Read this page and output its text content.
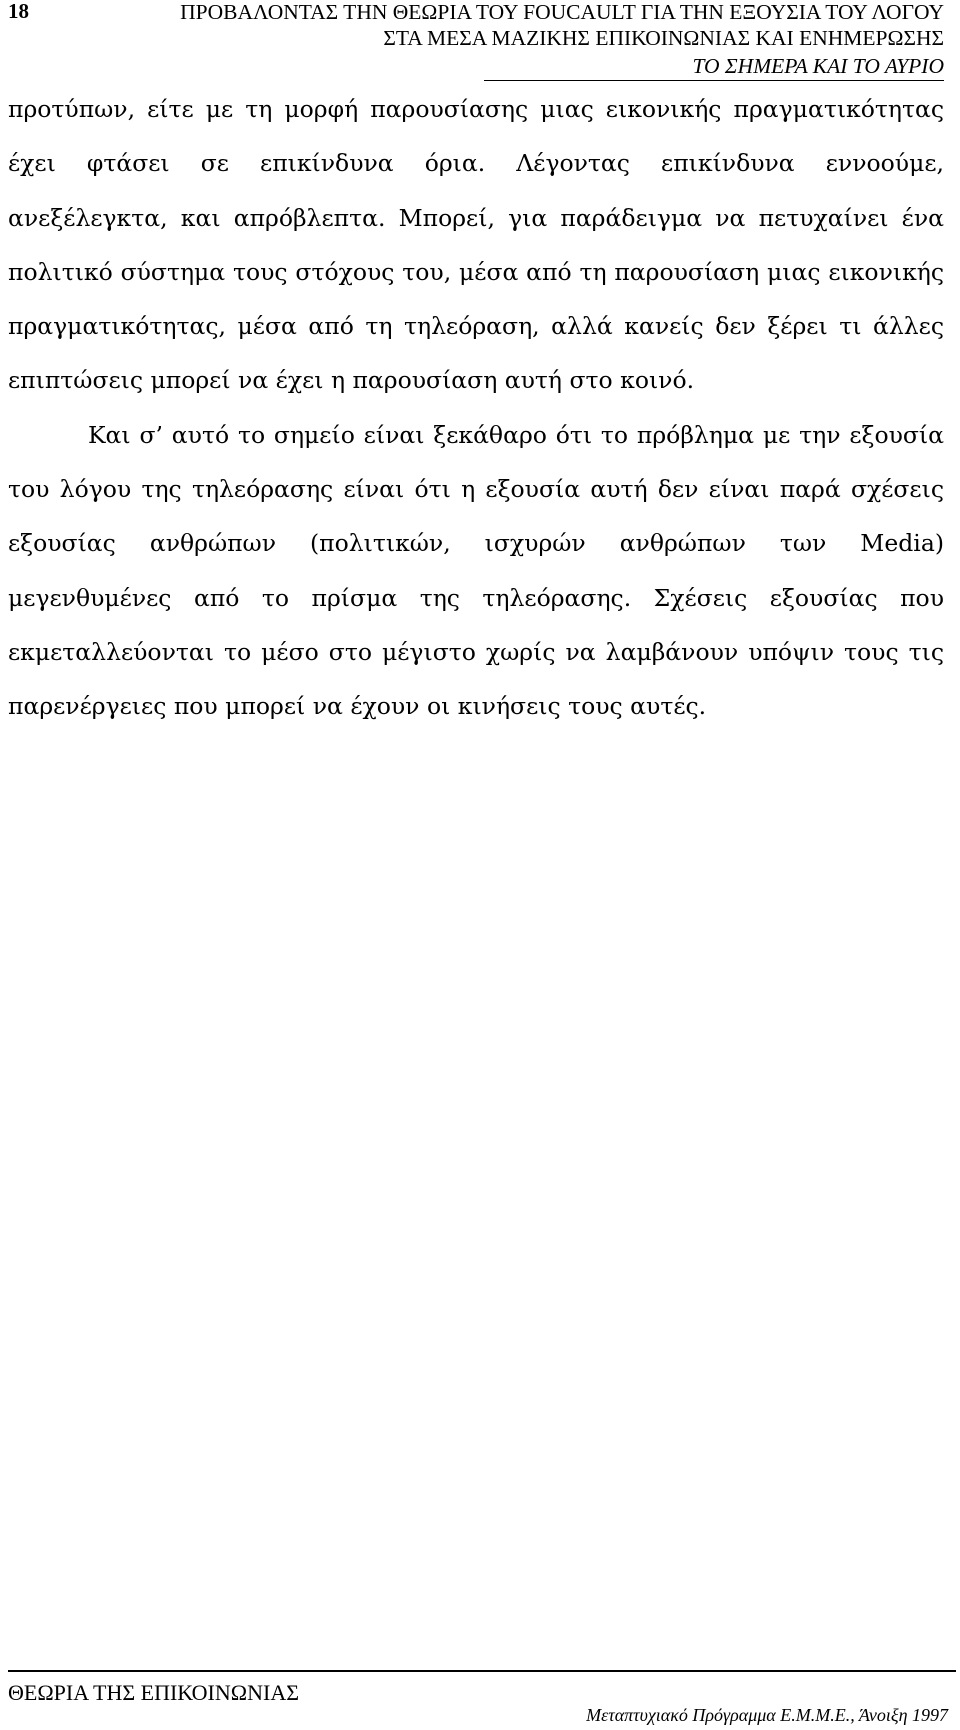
18	ΠΡΟΒΑΛΟΝΤΑΣ ΤΗΝ ΘΕΩΡΙΑ ΤΟΥ FOUCAULT ΓΙΑ ΤΗΝ ΕΞΟΥΣΙΑ ΤΟΥ ΛΟΓΟΥ
ΣΤΑ ΜΕΣΑ ΜΑΖΙΚΗΣ ΕΠΙΚΟΙΝΩΝΙΑΣ ΚΑΙ ΕΝΗΜΕΡΩΣΗΣ
ΤΟ ΣΗΜΕΡΑ ΚΑΙ ΤΟ ΑΥΡΙΟ

προτύπων, είτε με τη μορφή παρουσίασης μιας εικονικής πραγματικότητας έχει φτάσει σε επικίνδυνα όρια. Λέγοντας επικίνδυνα εννοούμε, ανεξέλεγκτα, και απρόβλεπτα. Μπορεί, για παράδειγμα να πετυχαίνει ένα πολιτικό σύστημα τους στόχους του, μέσα από τη παρουσίαση μιας εικονικής πραγματικότητας, μέσα από τη τηλεόραση, αλλά κανείς δεν ξέρει τι άλλες επιπτώσεις μπορεί να έχει η παρουσίαση αυτή στο κοινό.

Και σ’ αυτό το σημείο είναι ξεκάθαρο ότι το πρόβλημα με την εξουσία του λόγου της τηλεόρασης είναι ότι η εξουσία αυτή δεν είναι παρά σχέσεις εξουσίας ανθρώπων (πολιτικών, ισχυρών ανθρώπων των Media) μεγενθυμένες από το πρίσμα της τηλεόρασης. Σχέσεις εξουσίας που εκμεταλλεύονται το μέσο στο μέγιστο χωρίς να λαμβάνουν υπόψιν τους τις παρενέργειες που μπορεί να έχουν οι κινήσεις τους αυτές.

ΘΕΩΡΙΑ ΤΗΣ ΕΠΙΚΟΙΝΩΝΙΑΣ
Μεταπτυχιακό Πρόγραμμα Ε.Μ.Μ.Ε., Άνοιξη 1997
